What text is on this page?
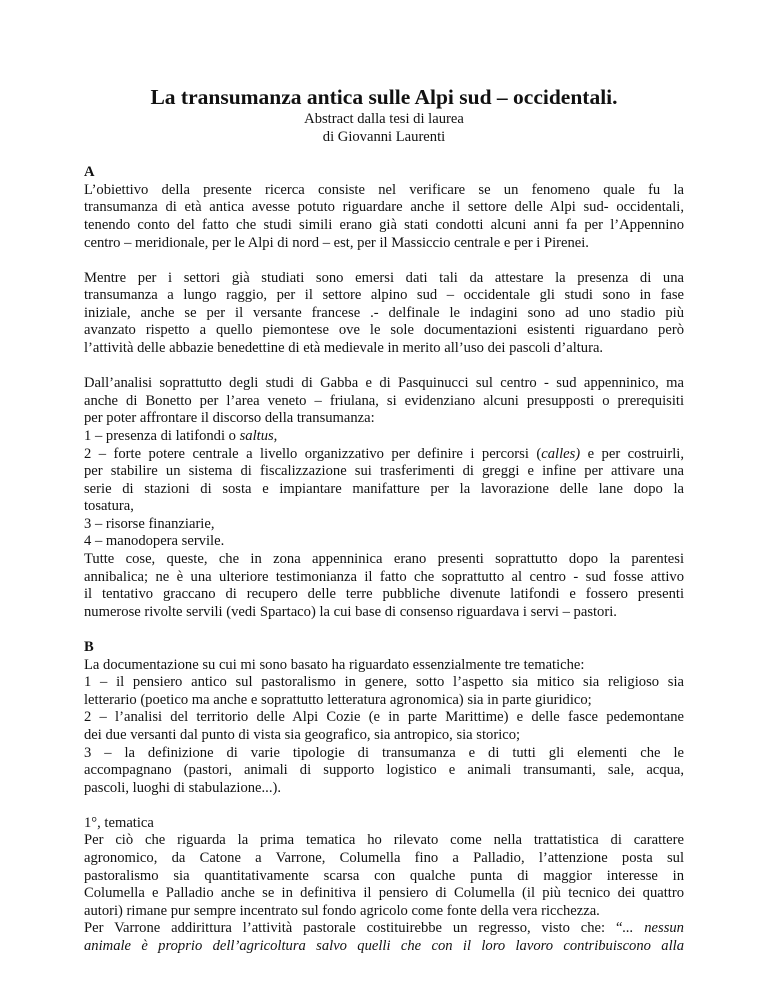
La transumanza antica sulle Alpi sud – occidentali.
Abstract dalla tesi di laurea
di Giovanni Laurenti
A
L’obiettivo della presente ricerca consiste nel verificare se un fenomeno quale fu la
transumanza di età antica avesse potuto riguardare anche il settore delle Alpi sud- occidentali,
tenendo conto del fatto che studi simili erano già stati condotti alcuni anni fa per l’Appennino
centro – meridionale, per le Alpi di nord – est, per il Massiccio centrale e per i Pirenei.
Mentre per i settori già studiati sono emersi dati tali da attestare la presenza di una
transumanza a lungo raggio, per il settore alpino sud – occidentale gli studi sono in fase
iniziale, anche se per il versante francese .- delfinale le indagini sono ad uno stadio più
avanzato rispetto a quello piemontese ove le sole documentazioni esistenti riguardano però
l’attività delle abbazie benedettine di età medievale in merito all’uso dei pascoli d’altura.
Dall’analisi soprattutto degli studi di Gabba e di Pasquinucci sul centro - sud appenninico, ma
anche di Bonetto per l’area veneto – friulana, si evidenziano alcuni presupposti o prerequisiti
per poter affrontare il discorso della transumanza:
1 – presenza di latifondi o saltus,
2 – forte potere centrale a livello organizzativo per definire i percorsi (calles) e per costruirli,
per stabilire un sistema di fiscalizzazione sui trasferimenti di greggi e infine per attivare una
serie di stazioni di sosta e impiantare manifatture per la lavorazione delle lane dopo la
tosatura,
3 – risorse finanziarie,
4 – manodopera servile.
Tutte cose, queste, che in zona appenninica erano presenti soprattutto dopo la parentesi
annibalica; ne è una ulteriore testimonianza il fatto che soprattutto al centro - sud fosse attivo
il tentativo graccano di recupero delle terre pubbliche divenute latifondi e fossero presenti
numerose rivolte servili (vedi Spartaco) la cui base di consenso riguardava i servi – pastori.
B
La documentazione su cui mi sono basato ha riguardato essenzialmente tre tematiche:
1 – il pensiero antico sul pastoralismo in genere, sotto l’aspetto sia mitico sia religioso sia
letterario (poetico ma anche e soprattutto letteratura agronomica) sia in parte giuridico;
2 – l’analisi del territorio delle Alpi Cozie (e in parte Marittime) e delle fasce pedemontane
dei due versanti dal punto di vista sia geografico, sia antropico, sia storico;
3 – la definizione di varie tipologie di transumanza e di tutti gli elementi che le
accompagnano (pastori, animali di supporto logistico e animali transumanti, sale, acqua,
pascoli, luoghi di stabulazione...).
1°, tematica
Per ciò che riguarda la prima tematica ho rilevato come nella trattatistica di carattere
agronomico, da Catone a Varrone, Columella fino a Palladio, l’attenzione posta sul
pastoralismo sia quantitativamente scarsa con qualche punta di maggior interesse in
Columella e Palladio anche se in definitiva il pensiero di Columella (il più tecnico dei quattro
autori) rimane pur sempre incentrato sul fondo agricolo come fonte della vera ricchezza.
Per Varrone addirittura l’attività pastorale costituirebbe un regresso, visto che: “... nessun
animale è proprio dell’agricoltura salvo quelli che con il loro lavoro contribuiscono alla
